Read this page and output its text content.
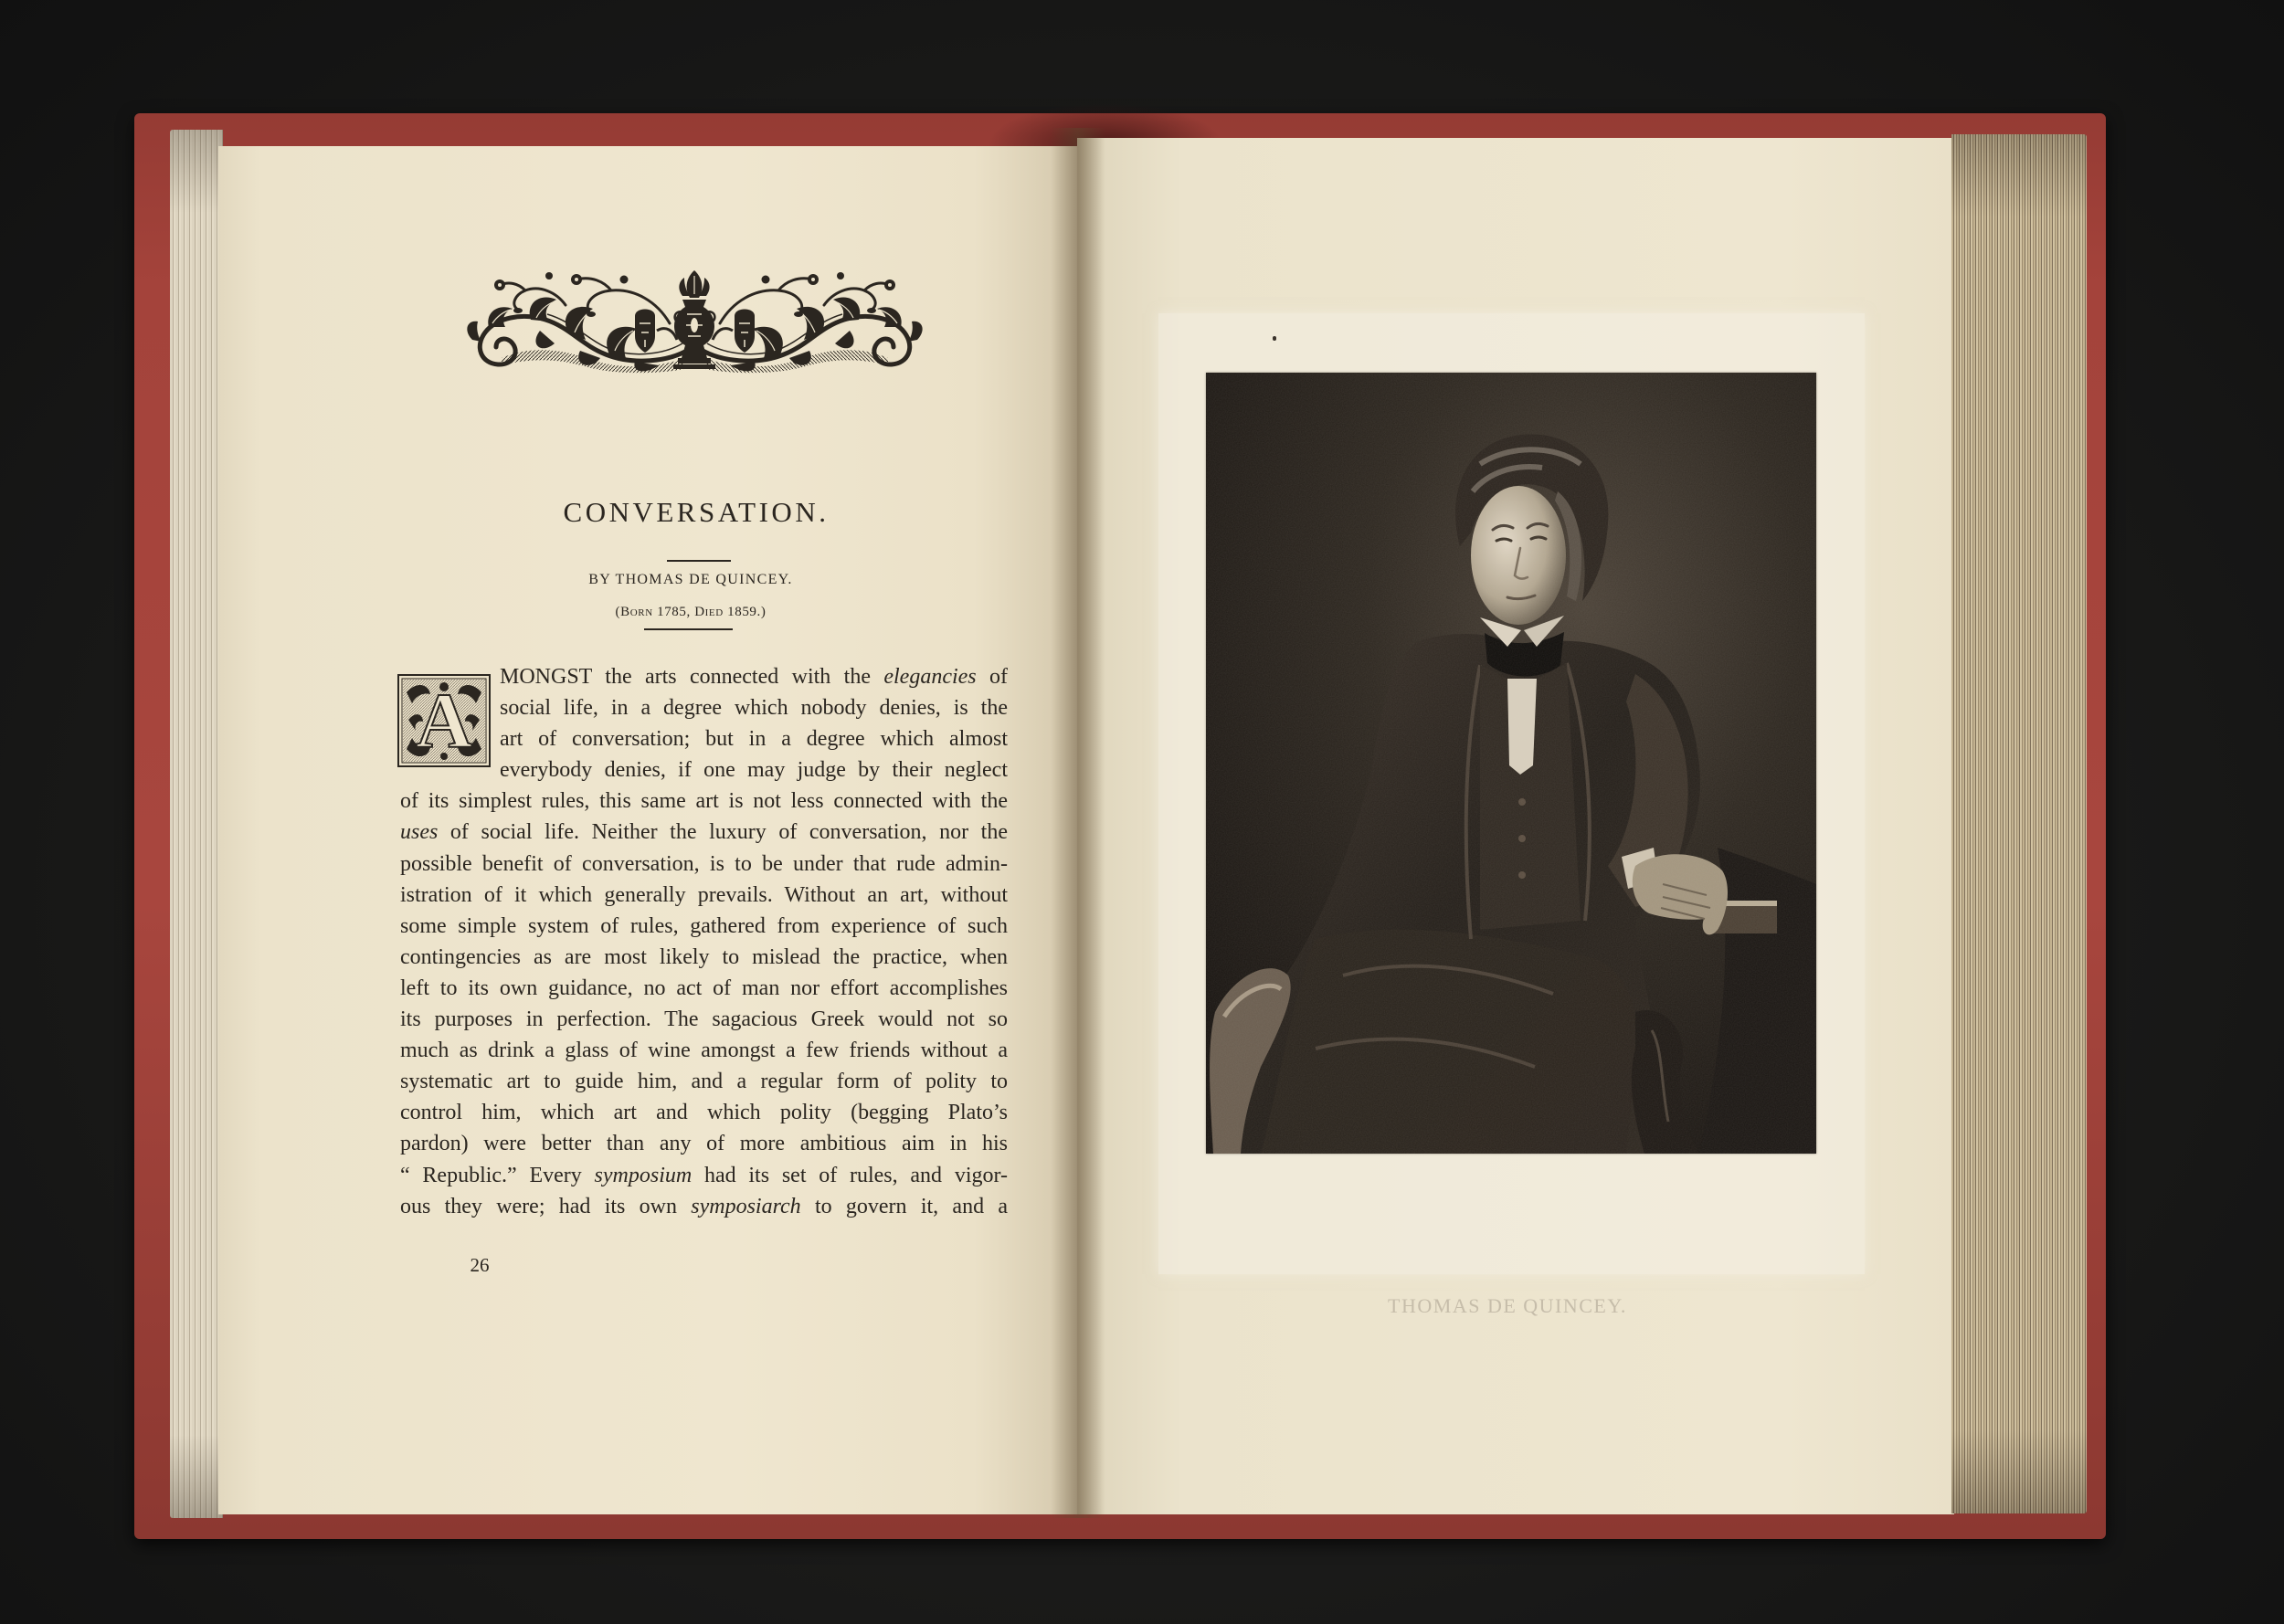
CONVERSATION.
BY THOMAS DE QUINCEY.
(Born 1785, Died 1859.)
A	MONGST the arts connected with the elegancies of
social life, in a degree which nobody denies, is the
art of conversation; but in a degree which almost
everybody denies, if one may judge by their neglect
of its simplest rules, this same art is not less connected with the
uses of social life. Neither the luxury of conversation, nor the
possible benefit of conversation, is to be under that rude admin-
istration of it which generally prevails. Without an art, without
some simple system of rules, gathered from experience of such
contingencies as are most likely to mislead the practice, when
left to its own guidance, no act of man nor effort accomplishes
its purposes in perfection. The sagacious Greek would not so
much as drink a glass of wine amongst a few friends without a
systematic art to guide him, and a regular form of polity to
control him, which art and which polity (begging Plato’s
pardon) were better than any of more ambitious aim in his
“ Republic.” Every symposium had its set of rules, and vigor-
ous they were; had its own symposiarch to govern it, and a
26
THOMAS DE QUINCEY.
